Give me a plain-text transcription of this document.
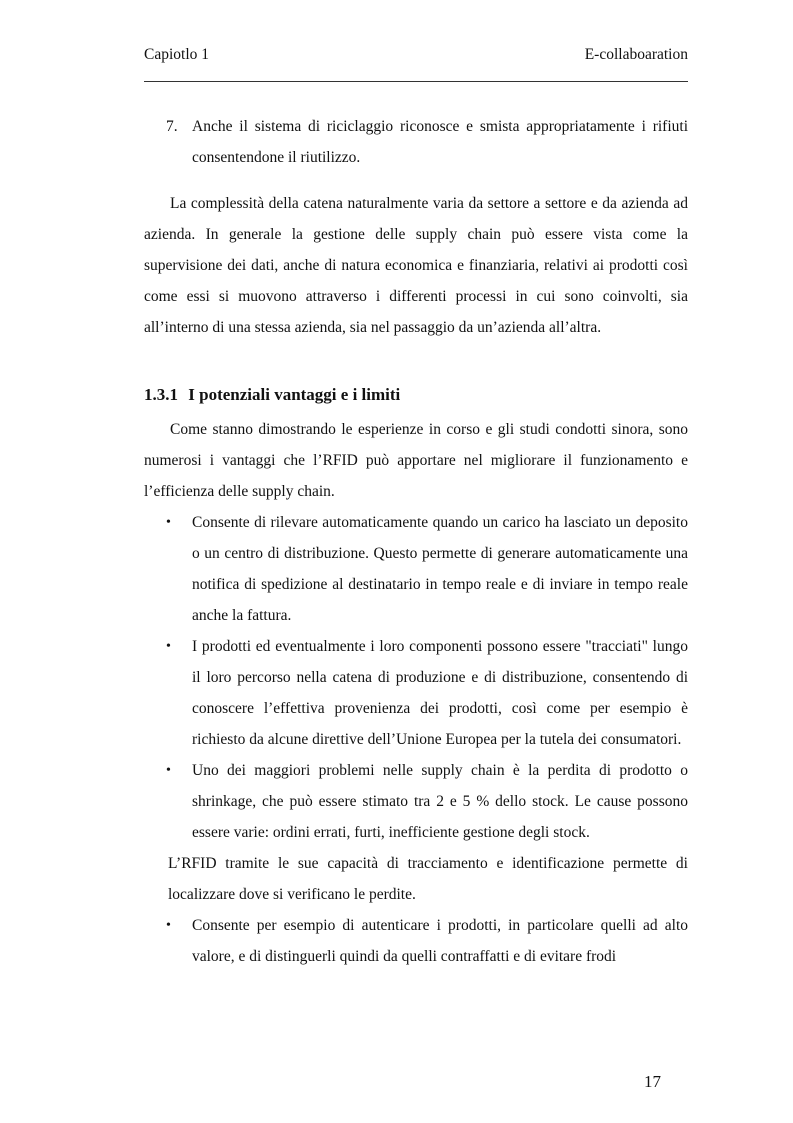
Capiotlo 1	E-collaboaration
7. Anche il sistema di riciclaggio riconosce e smista appropriatamente i rifiuti consentendone il riutilizzo.

La complessità della catena naturalmente varia da settore a settore e da azienda ad azienda. In generale la gestione delle supply chain può essere vista come la supervisione dei dati, anche di natura economica e finanziaria, relativi ai prodotti così come essi si muovono attraverso i differenti processi in cui sono coinvolti, sia all’interno di una stessa azienda, sia nel passaggio da un’azienda all’altra.

1.3.1 I potenziali vantaggi e i limiti

Come stanno dimostrando le esperienze in corso e gli studi condotti sinora, sono numerosi i vantaggi che l’RFID può apportare nel migliorare il funzionamento e l’efficienza delle supply chain.

• Consente di rilevare automaticamente quando un carico ha lasciato un deposito o un centro di distribuzione. Questo permette di generare automaticamente una notifica di spedizione al destinatario in tempo reale e di inviare in tempo reale anche la fattura.
• I prodotti ed eventualmente i loro componenti possono essere "tracciati" lungo il loro percorso nella catena di produzione e di distribuzione, consentendo di conoscere l’effettiva provenienza dei prodotti, così come per esempio è richiesto da alcune direttive dell’Unione Europea per la tutela dei consumatori.
• Uno dei maggiori problemi nelle supply chain è la perdita di prodotto o shrinkage, che può essere stimato tra 2 e 5 % dello stock. Le cause possono essere varie: ordini errati, furti, inefficiente gestione degli stock.

L’RFID tramite le sue capacità di tracciamento e identificazione permette di localizzare dove si verificano le perdite.

• Consente per esempio di autenticare i prodotti, in particolare quelli ad alto valore, e di distinguerli quindi da quelli contraffatti e di evitare frodi
17
